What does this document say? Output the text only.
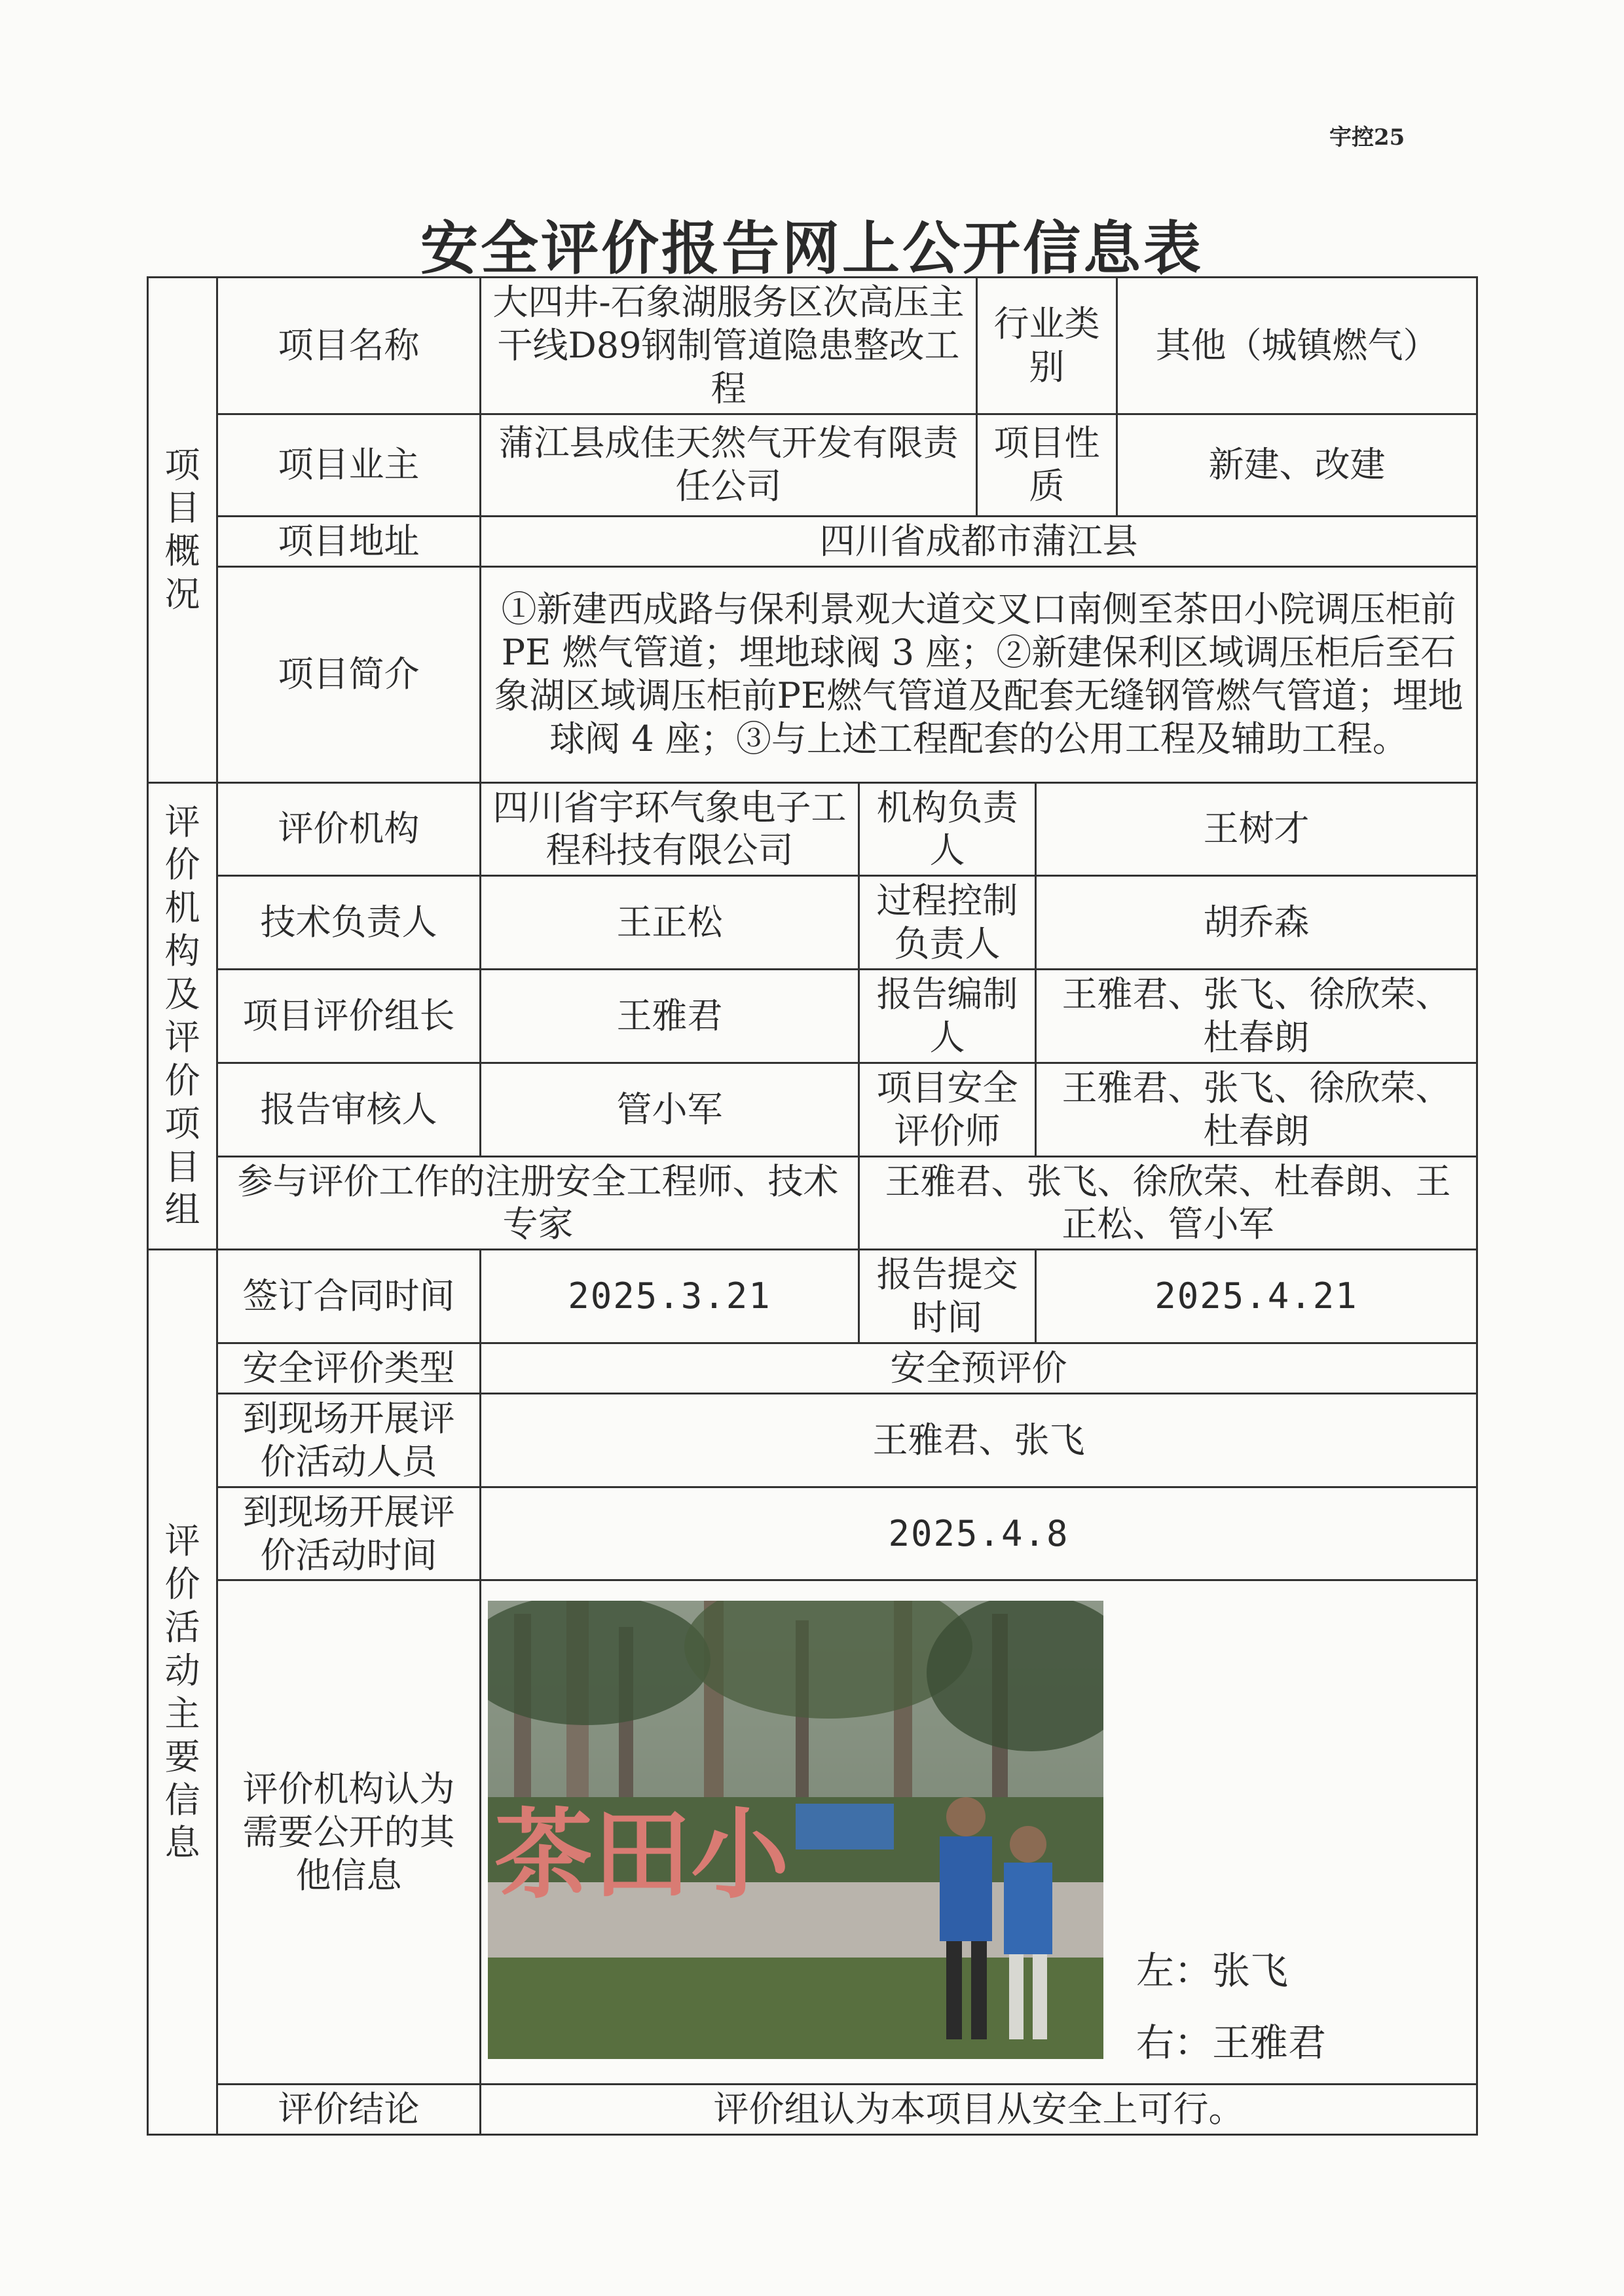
宇控25
安全评价报告网上公开信息表
项目概况	项目名称	大四井-石象湖服务区次高压主干线D89钢制管道隐患整改工程		行业类别		其他（城镇燃气）
	项目业主	蒲江县成佳天然气开发有限责任公司		项目性质		新建、改建
	项目地址	四川省成都市蒲江县				
	项目简介	①新建西成路与保利景观大道交叉口南侧至茶田小院调压柜前 PE 燃气管道；埋地球阀 3 座；②新建保利区域调压柜后至石象湖区域调压柜前PE燃气管道及配套无缝钢管燃气管道；埋地球阀 4 座；③与上述工程配套的公用工程及辅助工程。				

评价机构及评价项目组	评价机构	四川省宇环气象电子工程科技有限公司	机构负责人		王树才	
	技术负责人	王正松	过程控制负责人		胡乔森	
	项目评价组长	王雅君	报告编制人		王雅君、张飞、徐欣荣、杜春朗	
	报告审核人	管小军	项目安全评价师		王雅君、张飞、徐欣荣、杜春朗	
	参与评价工作的注册安全工程师、技术专家		王雅君、张飞、徐欣荣、杜春朗、王正松、管小军			

评价活动主要信息	签订合同时间	2025.3.21	报告提交时间		2025.4.21	
	安全评价类型	安全预评价				
	到现场开展评价活动人员	王雅君、张飞				
	到现场开展评价活动时间	2025.4.8				
	评价机构认为需要公开的其他信息	茶田小
左：张飞
右：王雅君				

	评价结论	评价组认为本项目从安全上可行。				
